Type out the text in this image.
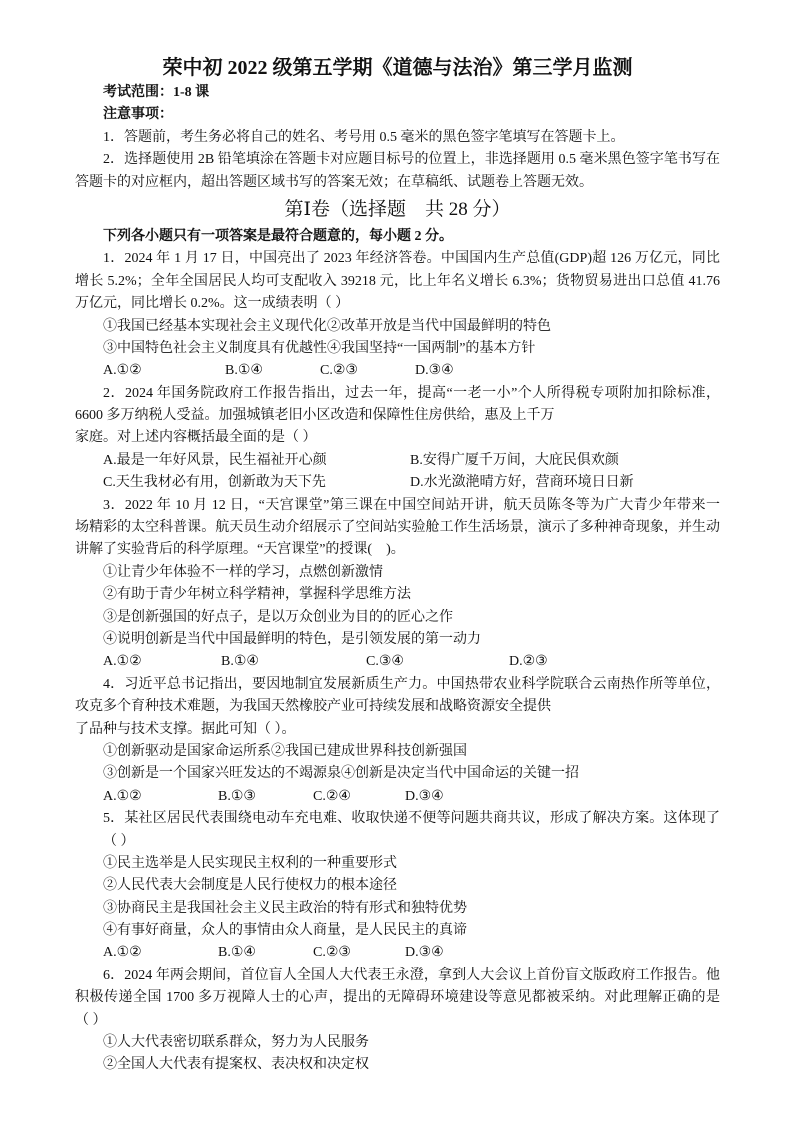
荣中初 2022 级第五学期《道德与法治》第三学月监测
考试范围：1-8 课
注意事项：
1．答题前，考生务必将自己的姓名、考号用 0.5 毫米的黑色签字笔填写在答题卡上。
2．选择题使用 2B 铅笔填涂在答题卡对应题目标号的位置上，非选择题用 0.5 毫米黑色签字笔书写在
答题卡的对应框内，超出答题区域书写的答案无效；在草稿纸、试题卷上答题无效。
第Ⅰ卷（选择题　共 28 分）
下列各小题只有一项答案是最符合题意的，每小题 2 分。
1．2024 年 1 月 17 日，中国亮出了 2023 年经济答卷。中国国内生产总值(GDP)超 126 万亿元，同比
增长 5.2%；全年全国居民人均可支配收入 39218 元，比上年名义增长 6.3%；货物贸易进出口总值 41.76
万亿元，同比增长 0.2%。这一成绩表明（ ）
①我国已经基本实现社会主义现代化②改革开放是当代中国最鲜明的特色
③中国特色社会主义制度具有优越性④我国坚持“一国两制”的基本方针
A.①②	B.①④	C.②③	D.③④
2．2024 年国务院政府工作报告指出，过去一年，提高“一老一小”个人所得税专项附加扣除标准，
6600 多万纳税人受益。加强城镇老旧小区改造和保障性住房供给，惠及上千万
家庭。对上述内容概括最全面的是（ ）
A.最是一年好风景，民生福祉开心颜	B.安得广厦千万间，大庇民俱欢颜
C.天生我材必有用，创新敢为天下先	D.水光潋滟晴方好，营商环境日日新
3．2022 年 10 月 12 日，“天宫课堂”第三课在中国空间站开讲，航天员陈冬等为广大青少年带来一
场精彩的太空科普课。航天员生动介绍展示了空间站实验舱工作生活场景，演示了多种神奇现象，并生动
讲解了实验背后的科学原理。“天宫课堂”的授课(　)。
①让青少年体验不一样的学习，点燃创新激情
②有助于青少年树立科学精神，掌握科学思维方法
③是创新强国的好点子，是以万众创业为目的的匠心之作
④说明创新是当代中国最鲜明的特色，是引领发展的第一动力
A.①②	B.①④	C.③④	D.②③
4．习近平总书记指出，要因地制宜发展新质生产力。中国热带农业科学院联合云南热作所等单位，
攻克多个育种技术难题，为我国天然橡胶产业可持续发展和战略资源安全提供
了品种与技术支撑。据此可知（ ）。
①创新驱动是国家命运所系②我国已建成世界科技创新强国
③创新是一个国家兴旺发达的不竭源泉④创新是决定当代中国命运的关键一招
A.①②	B.①③	C.②④	D.③④
5．某社区居民代表围绕电动车充电难、收取快递不便等问题共商共议，形成了解决方案。这体现了
（ ）
①民主选举是人民实现民主权利的一种重要形式
②人民代表大会制度是人民行使权力的根本途径
③协商民主是我国社会主义民主政治的特有形式和独特优势
④有事好商量，众人的事情由众人商量，是人民民主的真谛
A.①②	B.①④	C.②③	D.③④
6．2024 年两会期间，首位盲人全国人大代表王永澄，拿到人大会议上首份盲文版政府工作报告。他
积极传递全国 1700 多万视障人士的心声，提出的无障碍环境建设等意见都被采纳。对此理解正确的是
（ ）
①人大代表密切联系群众，努力为人民服务
②全国人大代表有提案权、表决权和决定权
